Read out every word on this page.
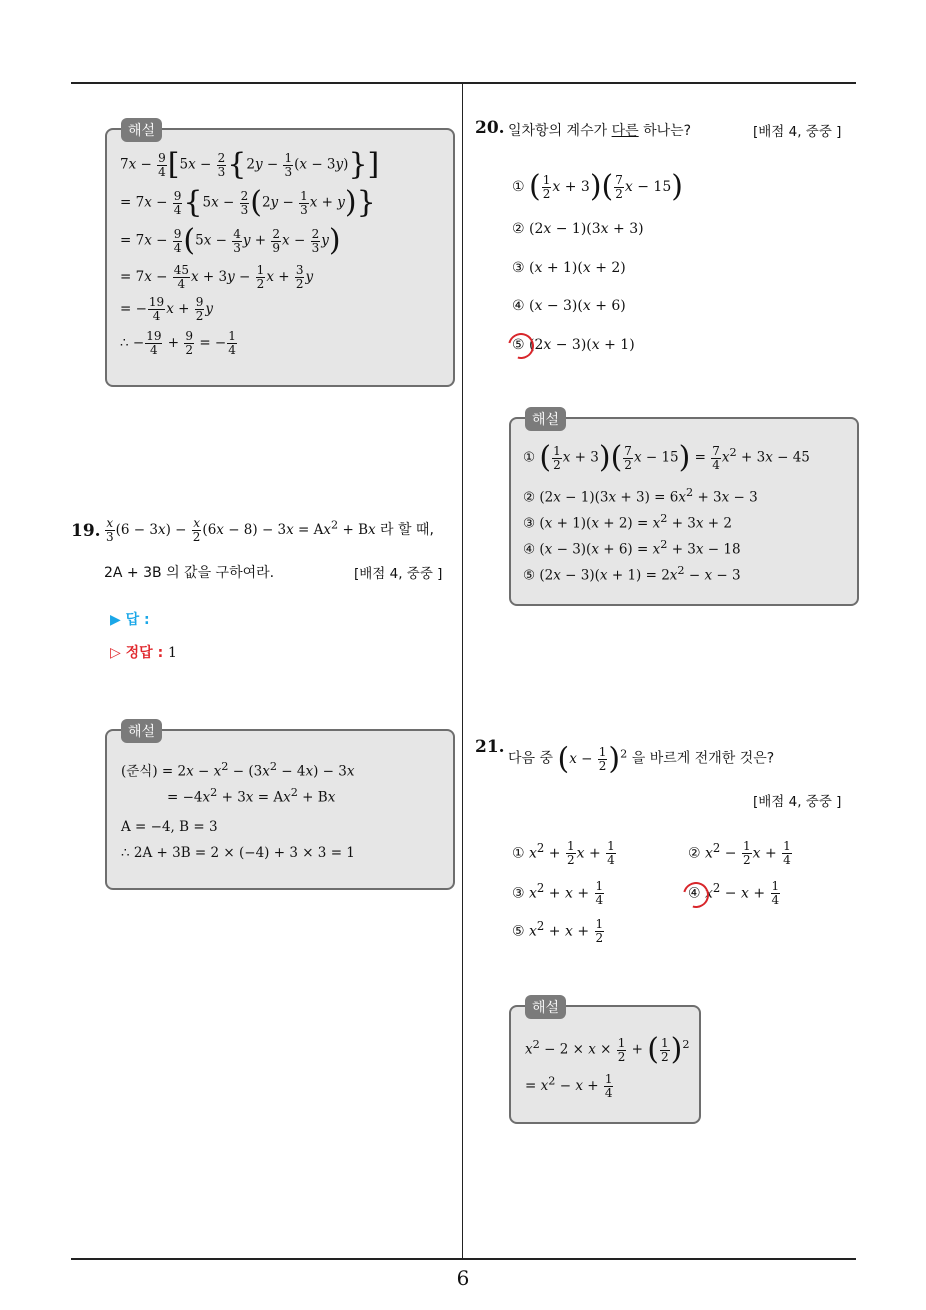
해설
$7x - \frac{9}{4} [5x - \frac{2}{3} \{2y - \frac{1}{3} (x - 3y)\}]$
= $7x - \frac{9}{4} \{5x - \frac{2}{3} (2y - \frac{1}{3}$ x + y)}
= $7x - \frac{9}{4} (5x - \frac{4}{3}$ $y + \frac{2}{9}$ $x - \frac{2}{3} y$)
= $7x - \frac{45}{4}$ $x + 3y - \frac{1}{2}$ $x + \frac{3}{2}$ y
= − $\frac{19}{4}$ $x + \frac{9}{2}$ y
∴ − $\frac{19}{4} + \frac{9}{2}$ = − $\frac{1}{4}$
19. $\frac{x}{3} (6 - 3x) - \frac{x}{2} (6x - 8) - 3x = Ax^2 + Bx$ 라 할 때,
2A + 3B 의 값을 구하여라.	[배점 4, 중중 ]
▶ 답 :
▷ 정답 : 1
해설
(준식) = $2x - x^2 - (3x^2 - 4x) - 3x$
= $-4x^2 + 3x = Ax^2 + Bx$
A = −4, B = 3
∴ 2A + 3B = 2 × (−4) + 3 × 3 = 1
20. 일차항의 계수가 다른 하나는?	[배점 4, 중중 ]
① ( $\frac{1}{2}$ $x + 3)( \frac{7}{2}$ x − 15)
② (2x − 1)(3x + 3)
③ (x + 1)(x + 2)
④ (x − 3)(x + 6)
⑤ (2x − 3)(x + 1)
해설
① ( $\frac{1}{2}$ $x + 3)( \frac{7}{2}$ $x - 15) = \frac{7}{4} x^2 + 3x - 45$
② $(2x - 1)(3x + 3) = 6x^2 + 3x - 3$
③ $(x + 1)(x + 2) = x^2 + 3x + 2$
④ $(x - 3)(x + 6) = x^2 + 3x - 18$
⑤ $(2x - 3)(x + 1) = 2x^2 - x - 3$
21.
다음 중 $(x - \frac{1}{2} )^2$ 을 바르게 전개한 것은?
[배점 4, 중중 ]
① $x^2 + \frac{1}{2}$ $x + \frac{1}{4}$	② $x^2 - \frac{1}{2}$ $x + \frac{1}{4}$
③ $x^2 + x + \frac{1}{4}$	④ $x^2 - x + \frac{1}{4}$
⑤ $x^2 + x + \frac{1}{2}$
해설
$x^2 - 2 \times x \times \frac{1}{2}$ + ( $\frac{1}{2} )^2$
= $x^2 - x + \frac{1}{4}$
6
